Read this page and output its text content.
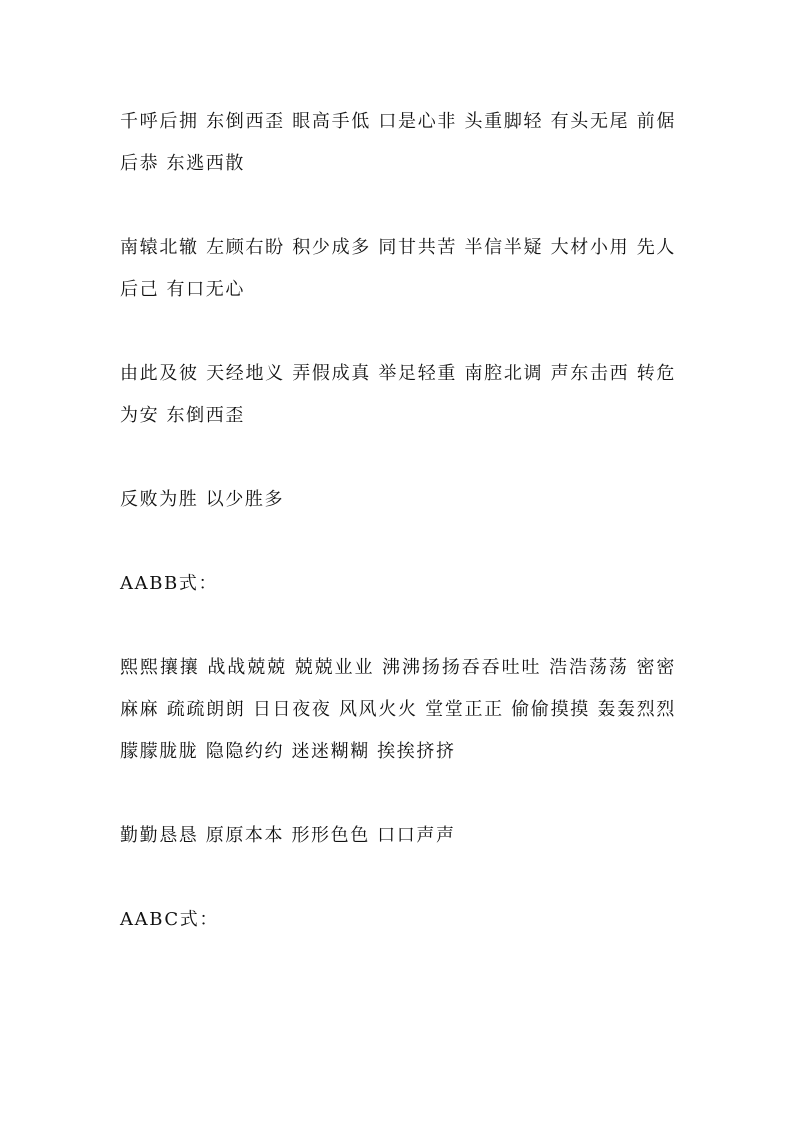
千呼后拥 东倒西歪 眼高手低 口是心非 头重脚轻 有头无尾 前倨后恭 东逃西散

南辕北辙 左顾右盼 积少成多 同甘共苦 半信半疑 大材小用 先人后己 有口无心

由此及彼 天经地义 弄假成真 举足轻重 南腔北调 声东击西 转危为安 东倒西歪

反败为胜 以少胜多

AABB式：

熙熙攘攘 战战兢兢 兢兢业业 沸沸扬扬吞吞吐吐 浩浩荡荡 密密麻麻 疏疏朗朗 日日夜夜 风风火火 堂堂正正 偷偷摸摸 轰轰烈烈 朦朦胧胧 隐隐约约 迷迷糊糊 挨挨挤挤

勤勤恳恳 原原本本 形形色色 口口声声

AABC式：
